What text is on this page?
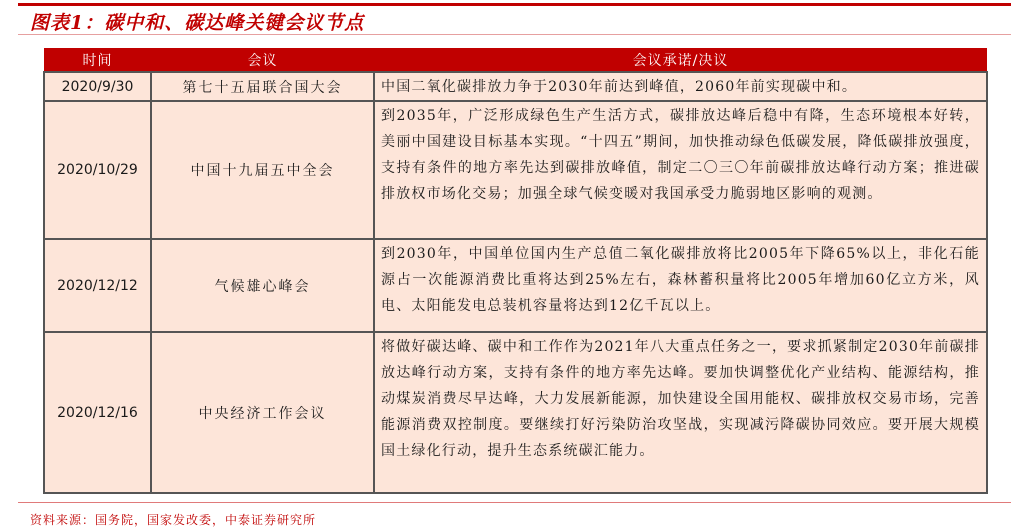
图表1：碳中和、碳达峰关键会议节点
时间	会议	会议承诺/决议
2020/9/30	第七十五届联合国大会	中国二氧化碳排放力争于2030年前达到峰值，2060年前实现碳中和。
2020/10/29	中国十九届五中全会	到2035年，广泛形成绿色生产生活方式，碳排放达峰后稳中有降，生态环境根本好转，美丽中国建设目标基本实现。“十四五”期间，加快推动绿色低碳发展，降低碳排放强度，支持有条件的地方率先达到碳排放峰值，制定二〇三〇年前碳排放达峰行动方案；推进碳排放权市场化交易；加强全球气候变暖对我国承受力脆弱地区影响的观测。
2020/12/12	气候雄心峰会	到2030年，中国单位国内生产总值二氧化碳排放将比2005年下降65%以上，非化石能源占一次能源消费比重将达到25%左右，森林蓄积量将比2005年增加60亿立方米，风电、太阳能发电总装机容量将达到12亿千瓦以上。
2020/12/16	中央经济工作会议	将做好碳达峰、碳中和工作作为2021年八大重点任务之一，要求抓紧制定2030年前碳排放达峰行动方案，支持有条件的地方率先达峰。要加快调整优化产业结构、能源结构，推动煤炭消费尽早达峰，大力发展新能源，加快建设全国用能权、碳排放权交易市场，完善能源消费双控制度。要继续打好污染防治攻坚战，实现减污降碳协同效应。要开展大规模国土绿化行动，提升生态系统碳汇能力。
资料来源：国务院，国家发改委，中泰证券研究所
